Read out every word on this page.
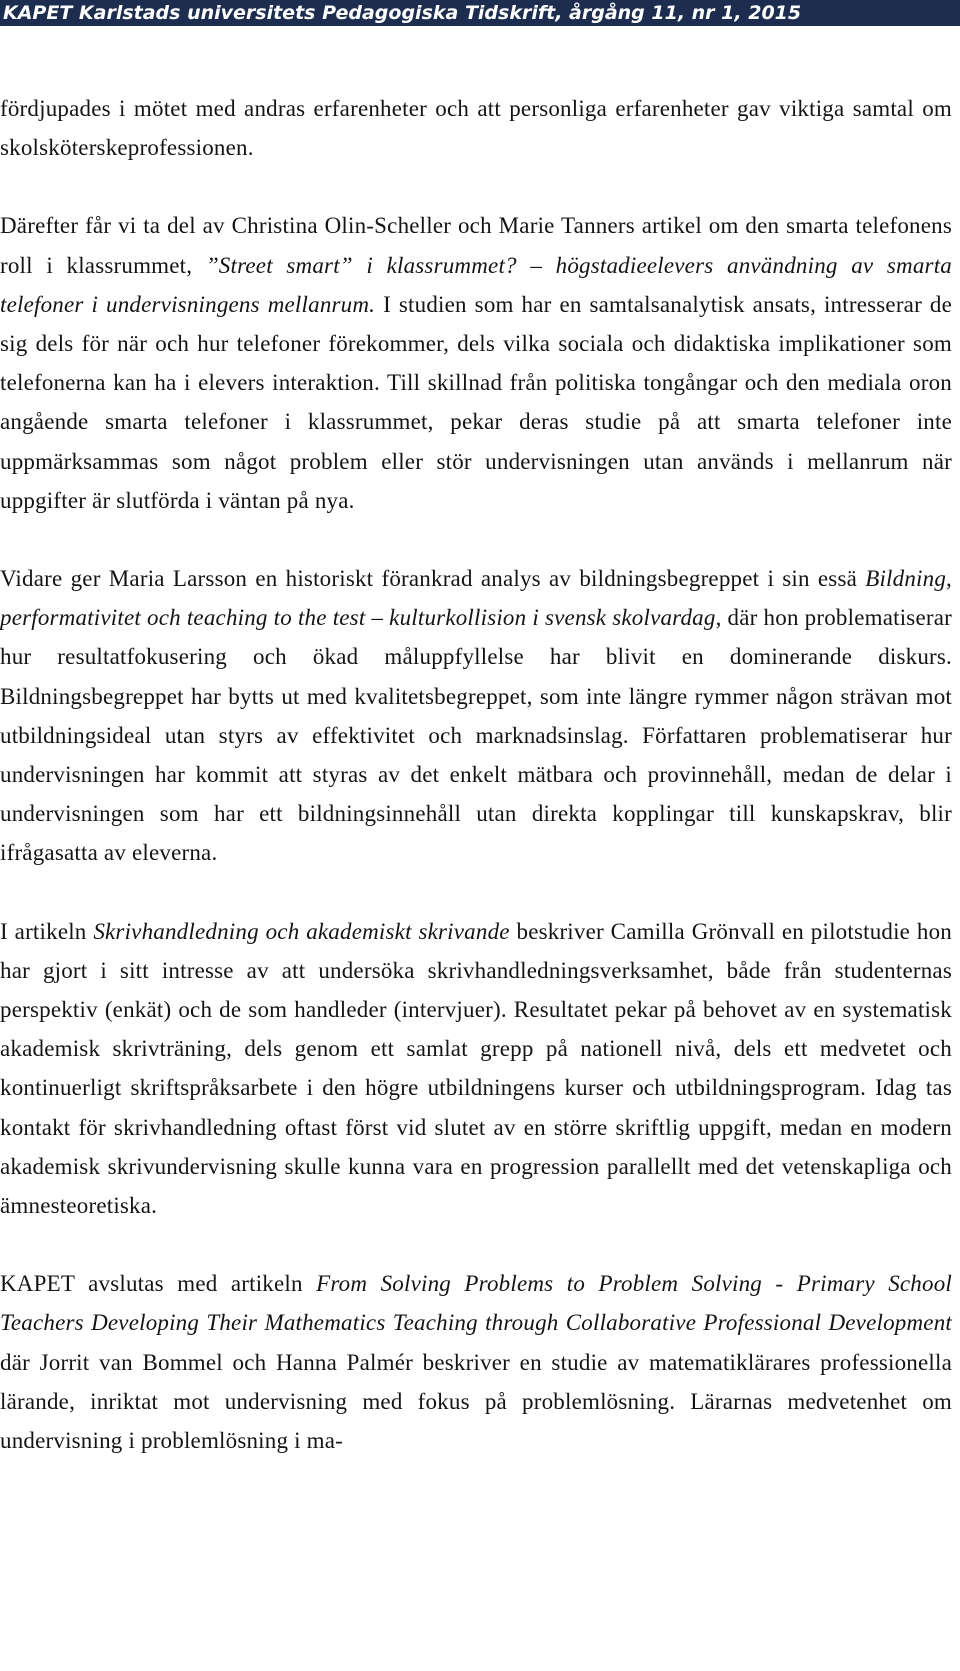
KAPET Karlstads universitets Pedagogiska Tidskrift, årgång 11, nr 1, 2015

fördjupades i mötet med andras erfarenheter och att personliga erfarenheter gav viktiga samtal om skolsköterskeprofessionen.

Därefter får vi ta del av Christina Olin-Scheller och Marie Tanners artikel om den smarta telefonens roll i klassrummet, ”Street smart” i klassrummet? – högstadieelevers användning av smarta telefoner i undervisningens mellanrum. I studien som har en samtalsanalytisk ansats, intresserar de sig dels för när och hur telefoner förekommer, dels vilka sociala och didaktiska implikationer som telefonerna kan ha i elevers interaktion. Till skillnad från politiska tongångar och den mediala oron angående smarta telefoner i klassrummet, pekar deras studie på att smarta telefoner inte uppmärksammas som något problem eller stör undervisningen utan används i mellanrum när uppgifter är slutförda i väntan på nya.

Vidare ger Maria Larsson en historiskt förankrad analys av bildningsbegreppet i sin essä Bildning, performativitet och teaching to the test – kulturkollision i svensk skolvardag, där hon problematiserar hur resultatfokusering och ökad måluppfyllelse har blivit en dominerande diskurs. Bildningsbegreppet har bytts ut med kvalitetsbegreppet, som inte längre rymmer någon strävan mot utbildningsideal utan styrs av effektivitet och marknadsinslag. Författaren problematiserar hur undervisningen har kommit att styras av det enkelt mätbara och provinnehåll, medan de delar i undervisningen som har ett bildningsinnehåll utan direkta kopplingar till kunskapskrav, blir ifrågasatta av eleverna.

I artikeln Skrivhandledning och akademiskt skrivande beskriver Camilla Grönvall en pilotstudie hon har gjort i sitt intresse av att undersöka skrivhandledningsverksamhet, både från studenternas perspektiv (enkät) och de som handleder (intervjuer). Resultatet pekar på behovet av en systematisk akademisk skrivträning, dels genom ett samlat grepp på nationell nivå, dels ett medvetet och kontinuerligt skriftspråksarbete i den högre utbildningens kurser och utbildningsprogram. Idag tas kontakt för skrivhandledning oftast först vid slutet av en större skriftlig uppgift, medan en modern akademisk skrivundervisning skulle kunna vara en progression parallellt med det vetenskapliga och ämnesteoretiska.

KAPET avslutas med artikeln From Solving Problems to Problem Solving - Primary School Teachers Developing Their Mathematics Teaching through Collaborative Professional Development där Jorrit van Bommel och Hanna Palmér beskriver en studie av matematiklärares professionella lärande, inriktat mot undervisning med fokus på problemlösning. Lärarnas medvetenhet om undervisning i problemlösning i ma-
